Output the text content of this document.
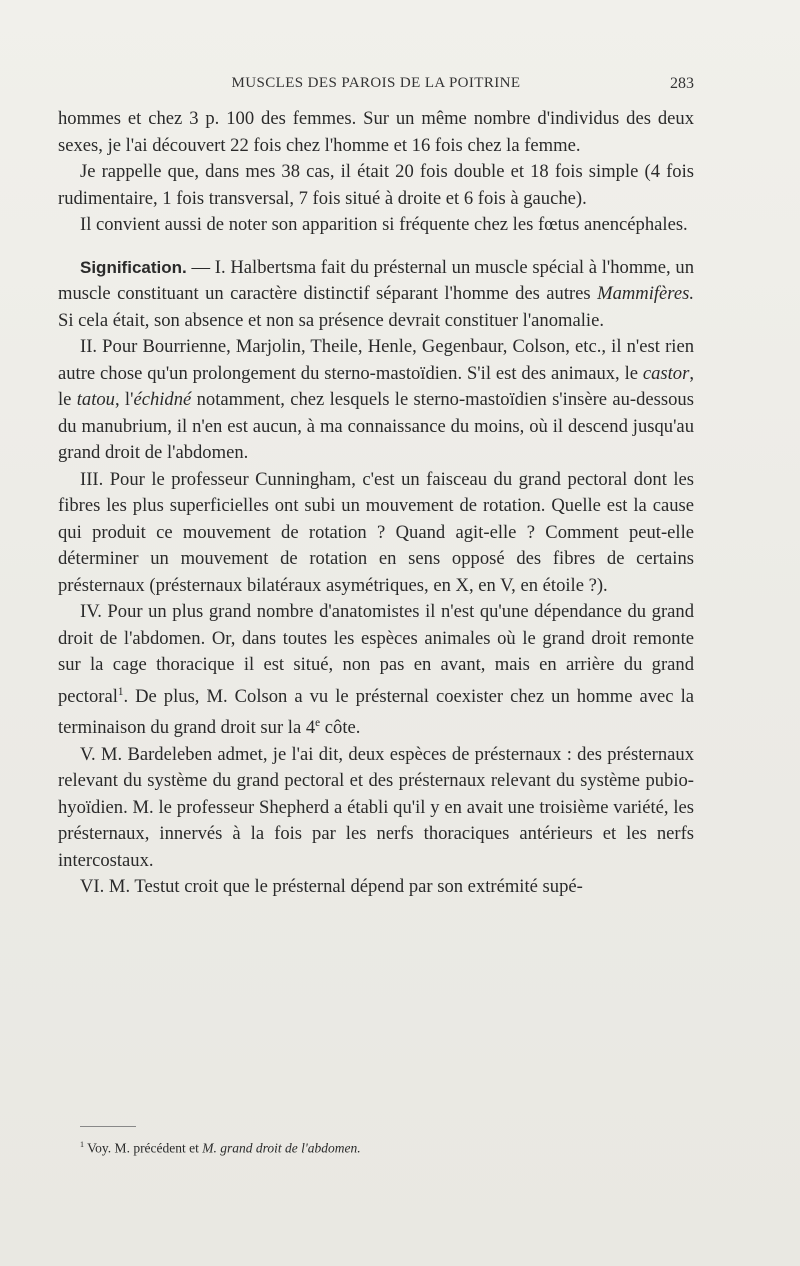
MUSCLES DES PAROIS DE LA POITRINE	283

hommes et chez 3 p. 100 des femmes. Sur un même nombre d'individus des deux sexes, je l'ai découvert 22 fois chez l'homme et 16 fois chez la femme.

Je rappelle que, dans mes 38 cas, il était 20 fois double et 18 fois simple (4 fois rudimentaire, 1 fois transversal, 7 fois situé à droite et 6 fois à gauche).

Il convient aussi de noter son apparition si fréquente chez les fœtus anencéphales.

Signification. — I. Halbertsma fait du présternal un muscle spécial à l'homme, un muscle constituant un caractère distinctif séparant l'homme des autres Mammifères. Si cela était, son absence et non sa présence devrait constituer l'anomalie.

II. Pour Bourrienne, Marjolin, Theile, Henle, Gegenbaur, Colson, etc., il n'est rien autre chose qu'un prolongement du sterno-mastoïdien. S'il est des animaux, le castor, le tatou, l'échidné notamment, chez lesquels le sterno-mastoïdien s'insère au-dessous du manubrium, il n'en est aucun, à ma connaissance du moins, où il descend jusqu'au grand droit de l'abdomen.

III. Pour le professeur Cunningham, c'est un faisceau du grand pectoral dont les fibres les plus superficielles ont subi un mouvement de rotation. Quelle est la cause qui produit ce mouvement de rotation ? Quand agit-elle ? Comment peut-elle déterminer un mouvement de rotation en sens opposé des fibres de certains présternaux (présternaux bilatéraux asymétriques, en X, en V, en étoile ?).

IV. Pour un plus grand nombre d'anatomistes il n'est qu'une dépendance du grand droit de l'abdomen. Or, dans toutes les espèces animales où le grand droit remonte sur la cage thoracique il est situé, non pas en avant, mais en arrière du grand pectoral$^1$. De plus, M. Colson a vu le présternal coexister chez un homme avec la terminaison du grand droit sur la 4e côte.

V. M. Bardeleben admet, je l'ai dit, deux espèces de présternaux : des présternaux relevant du système du grand pectoral et des présternaux relevant du système pubio-hyoïdien. M. le professeur Shepherd a établi qu'il y en avait une troisième variété, les présternaux, innervés à la fois par les nerfs thoraciques antérieurs et les nerfs intercostaux.

VI. M. Testut croit que le présternal dépend par son extrémité supé-

$^1$ Voy. M. précédent et M. grand droit de l'abdomen.
